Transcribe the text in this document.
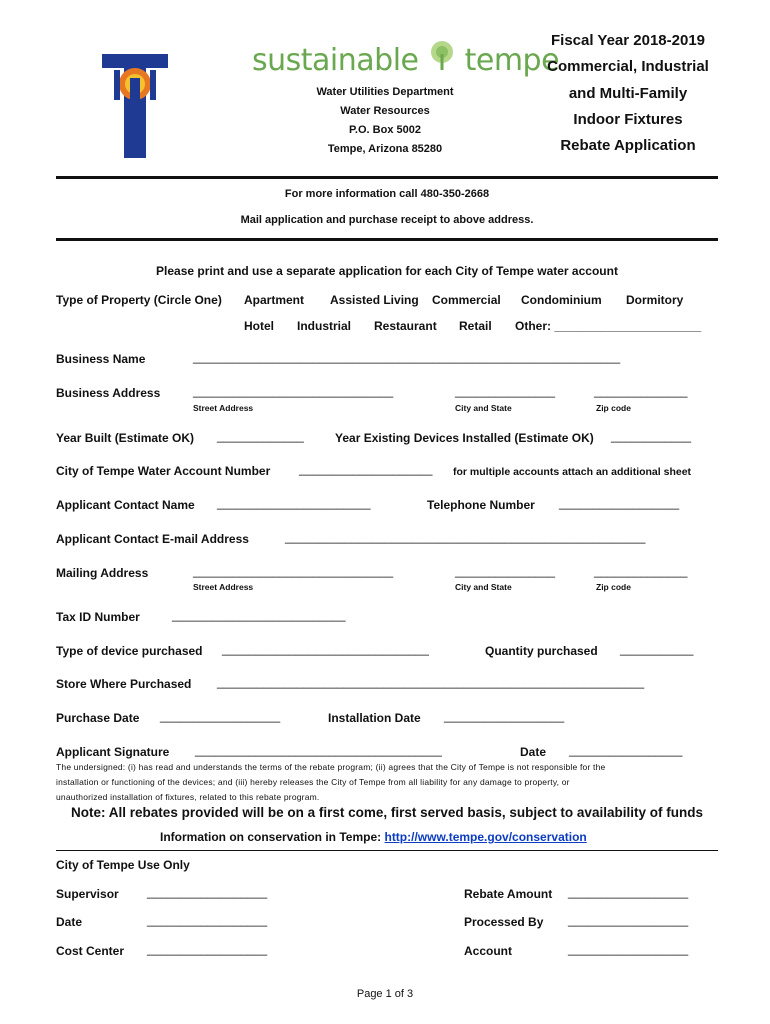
sustainable tempe
Water Utilities Department
Water Resources
P.O. Box 5002
Tempe, Arizona 85280
Fiscal Year 2018-2019
Commercial, Industrial
and Multi-Family
Indoor Fixtures
Rebate Application
For more information call 480-350-2668
Mail application and purchase receipt to above address.
Please print and use a separate application for each City of Tempe water account
Type of Property (Circle One) Apartment Assisted Living Commercial Condominium Dormitory
Hotel Industrial Restaurant Retail Other: ______________________
Business Name	________________________________________________________________
Business Address	______________________________	_______________	______________
Street Address	City and State	Zip code
Year Built (Estimate OK) _____________	Year Existing Devices Installed (Estimate OK) ____________
City of Tempe Water Account Number ____________________ for multiple accounts attach an additional sheet
Applicant Contact Name _______________________	Telephone Number __________________
Applicant Contact E-mail Address	______________________________________________________
Mailing Address	______________________________	_______________	______________
Street Address	City and State	Zip code
Tax ID Number	__________________________
Type of device purchased _______________________________	Quantity purchased ___________
Store Where Purchased ________________________________________________________________
Purchase Date __________________	Installation Date __________________
Applicant Signature _____________________________________	Date _________________
The undersigned: (i) has read and understands the terms of the rebate program; (ii) agrees that the City of Tempe is not responsible for the
installation or functioning of the devices; and (iii) hereby releases the City of Tempe from all liability for any damage to property, or
unauthorized installation of fixtures, related to this rebate program.
Note: All rebates provided will be on a first come, first served basis, subject to availability of funds
Information on conservation in Tempe: http://www.tempe.gov/conservation
City of Tempe Use Only
Supervisor __________________	Rebate Amount __________________
Date	__________________	Processed By __________________
Cost Center __________________	Account	__________________
Page 1 of 3
